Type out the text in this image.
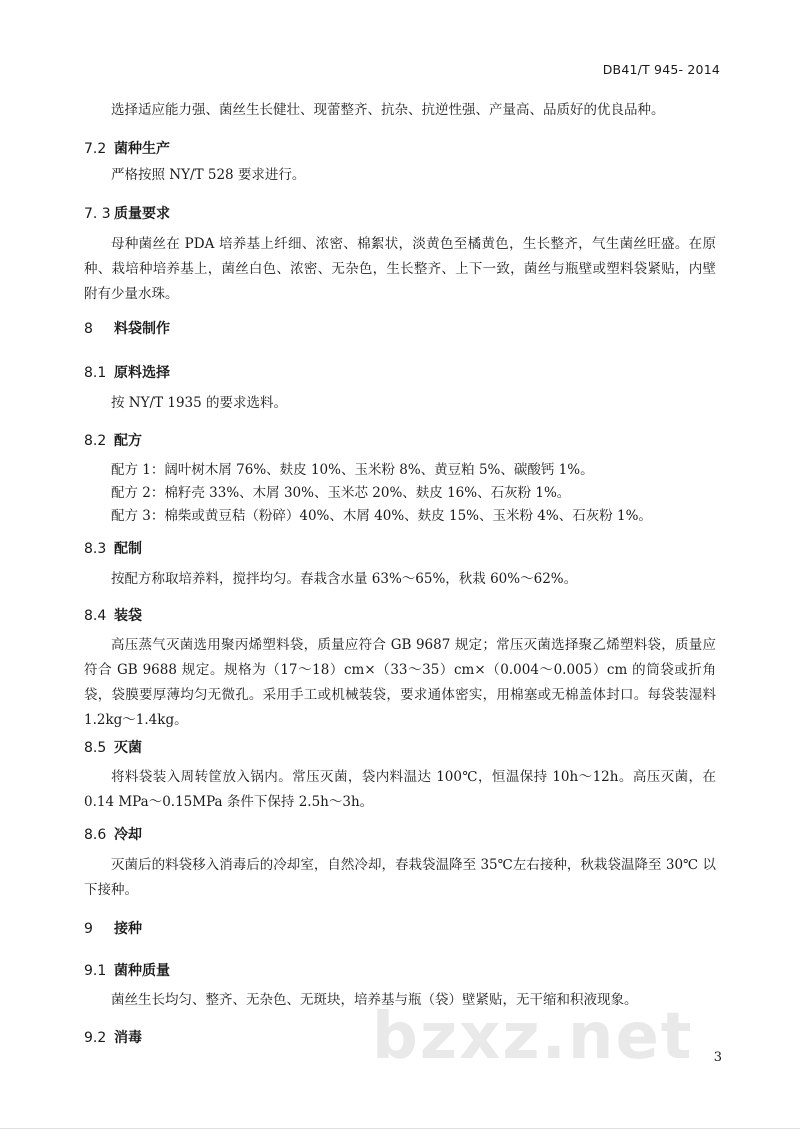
DB41/T 945- 2014
选择适应能力强、菌丝生长健壮、现蕾整齐、抗杂、抗逆性强、产量高、品质好的优良品种。
7.2 菌种生产
严格按照 NY/T 528 要求进行。
7. 3 质量要求
母种菌丝在 PDA 培养基上纤细、浓密、棉絮状，淡黄色至橘黄色，生长整齐，气生菌丝旺盛。在原种、栽培种培养基上，菌丝白色、浓密、无杂色，生长整齐、上下一致，菌丝与瓶壁或塑料袋紧贴，内壁附有少量水珠。
8 料袋制作
8.1 原料选择
按 NY/T 1935 的要求选料。
8.2 配方
配方 1：阔叶树木屑 76%、麸皮 10%、玉米粉 8%、黄豆粕 5%、碳酸钙 1%。
配方 2：棉籽壳 33%、木屑 30%、玉米芯 20%、麸皮 16%、石灰粉 1%。
配方 3：棉柴或黄豆秸（粉碎）40%、木屑 40%、麸皮 15%、玉米粉 4%、石灰粉 1%。
8.3 配制
按配方称取培养料，搅拌均匀。春栽含水量 63%～65%，秋栽 60%～62%。
8.4 装袋
高压蒸气灭菌选用聚丙烯塑料袋，质量应符合 GB 9687 规定；常压灭菌选择聚乙烯塑料袋，质量应符合 GB 9688 规定。规格为（17～18）cm×（33～35）cm×（0.004～0.005）cm 的筒袋或折角袋，袋膜要厚薄均匀无微孔。采用手工或机械装袋，要求通体密实，用棉塞或无棉盖体封口。每袋装湿料 1.2kg～1.4kg。
8.5 灭菌
将料袋装入周转筐放入锅内。常压灭菌，袋内料温达 100℃，恒温保持 10h～12h。高压灭菌，在 0.14 MPa～0.15MPa 条件下保持 2.5h～3h。
8.6 冷却
灭菌后的料袋移入消毒后的冷却室，自然冷却，春栽袋温降至 35℃左右接种，秋栽袋温降至 30℃ 以下接种。
9 接种
9.1 菌种质量
菌丝生长均匀、整齐、无杂色、无斑块，培养基与瓶（袋）壁紧贴，无干缩和积液现象。
9.2 消毒	bzxz.net 3
